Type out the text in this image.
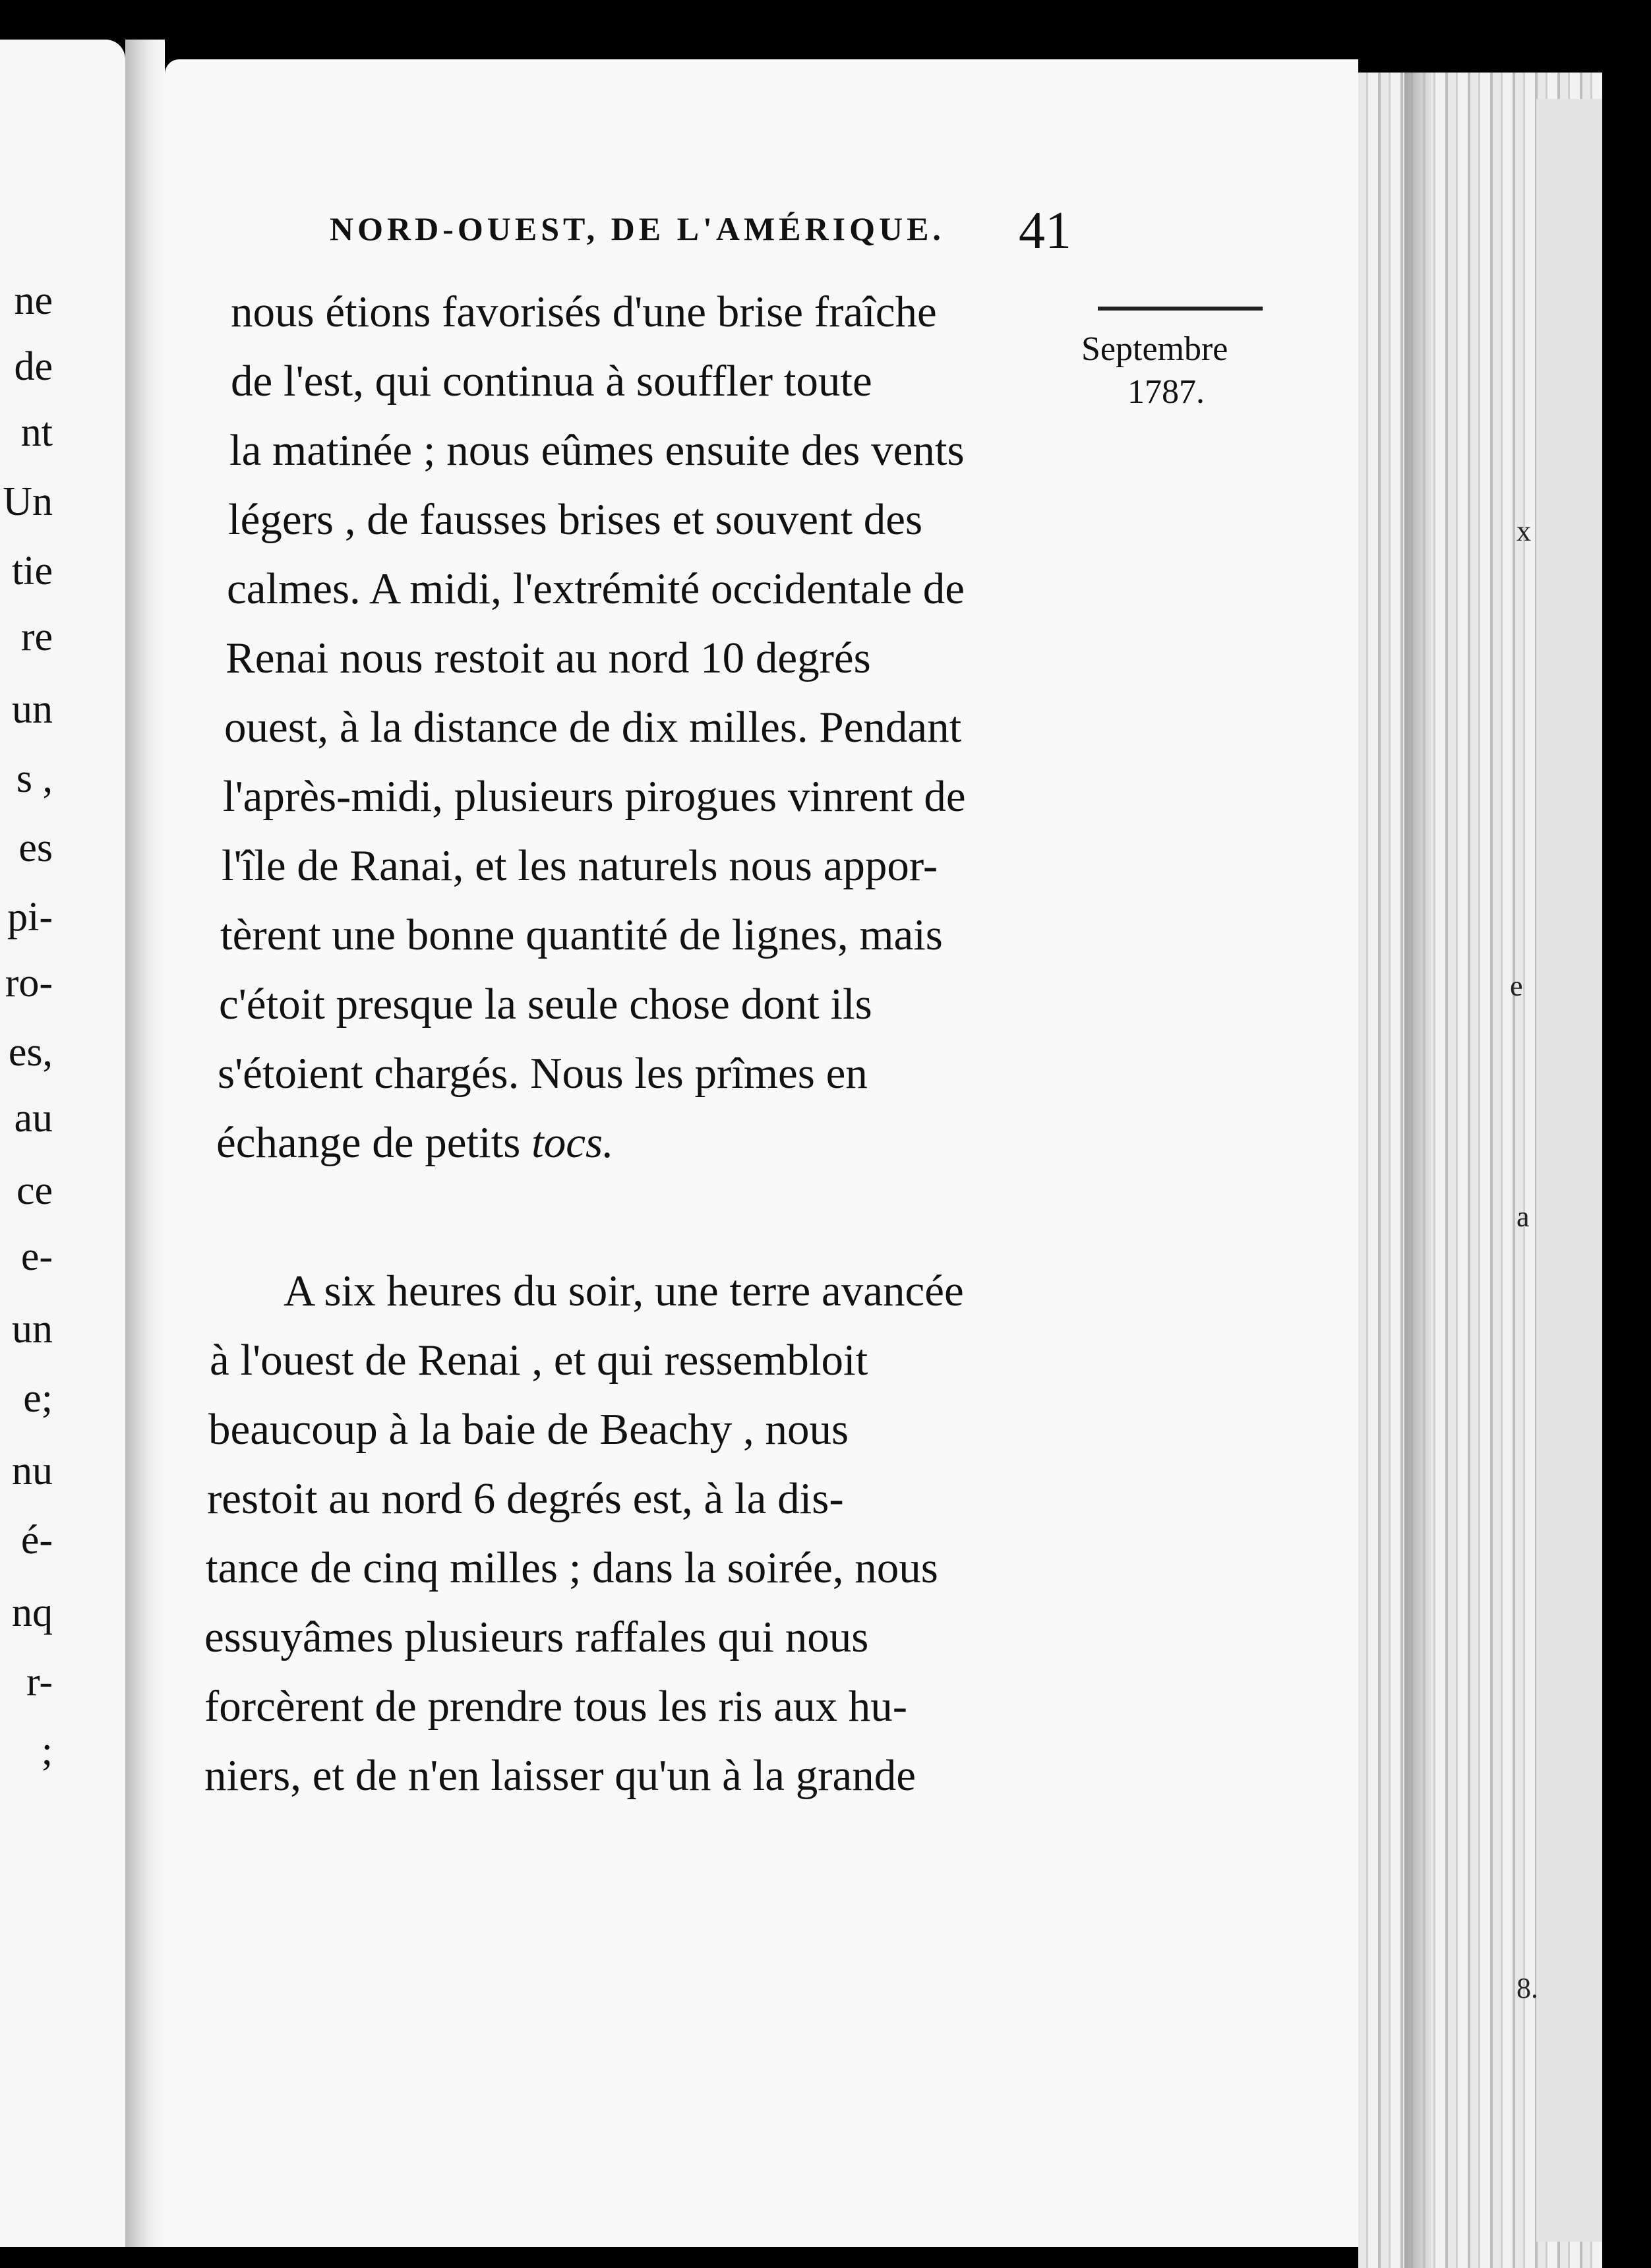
ne
de
nt
Un
tie
re
un
s ,
es
pi-
ro-
es,
au
ce
e-
un
e;
nu
é-
nq
r-
;
x
e
a
8.
NORD-OUEST, DE L'AMÉRIQUE. 41
Septembre
1787.
nous étions favorisés d'une brise fraîche
de l'est, qui continua à souffler toute
la matinée ; nous eûmes ensuite des vents
légers , de fausses brises et souvent des
calmes. A midi, l'extrémité occidentale de
Renai nous restoit au nord 10 degrés
ouest, à la distance de dix milles. Pendant
l'après-midi, plusieurs pirogues vinrent de
l'île de Ranai, et les naturels nous appor-
tèrent une bonne quantité de lignes, mais
c'étoit presque la seule chose dont ils
s'étoient chargés. Nous les prîmes en
échange de petits tocs.
A six heures du soir, une terre avancée
à l'ouest de Renai , et qui ressembloit
beaucoup à la baie de Beachy , nous
restoit au nord 6 degrés est, à la dis-
tance de cinq milles ; dans la soirée, nous
essuyâmes plusieurs raffales qui nous
forcèrent de prendre tous les ris aux hu-
niers, et de n'en laisser qu'un à la grande
